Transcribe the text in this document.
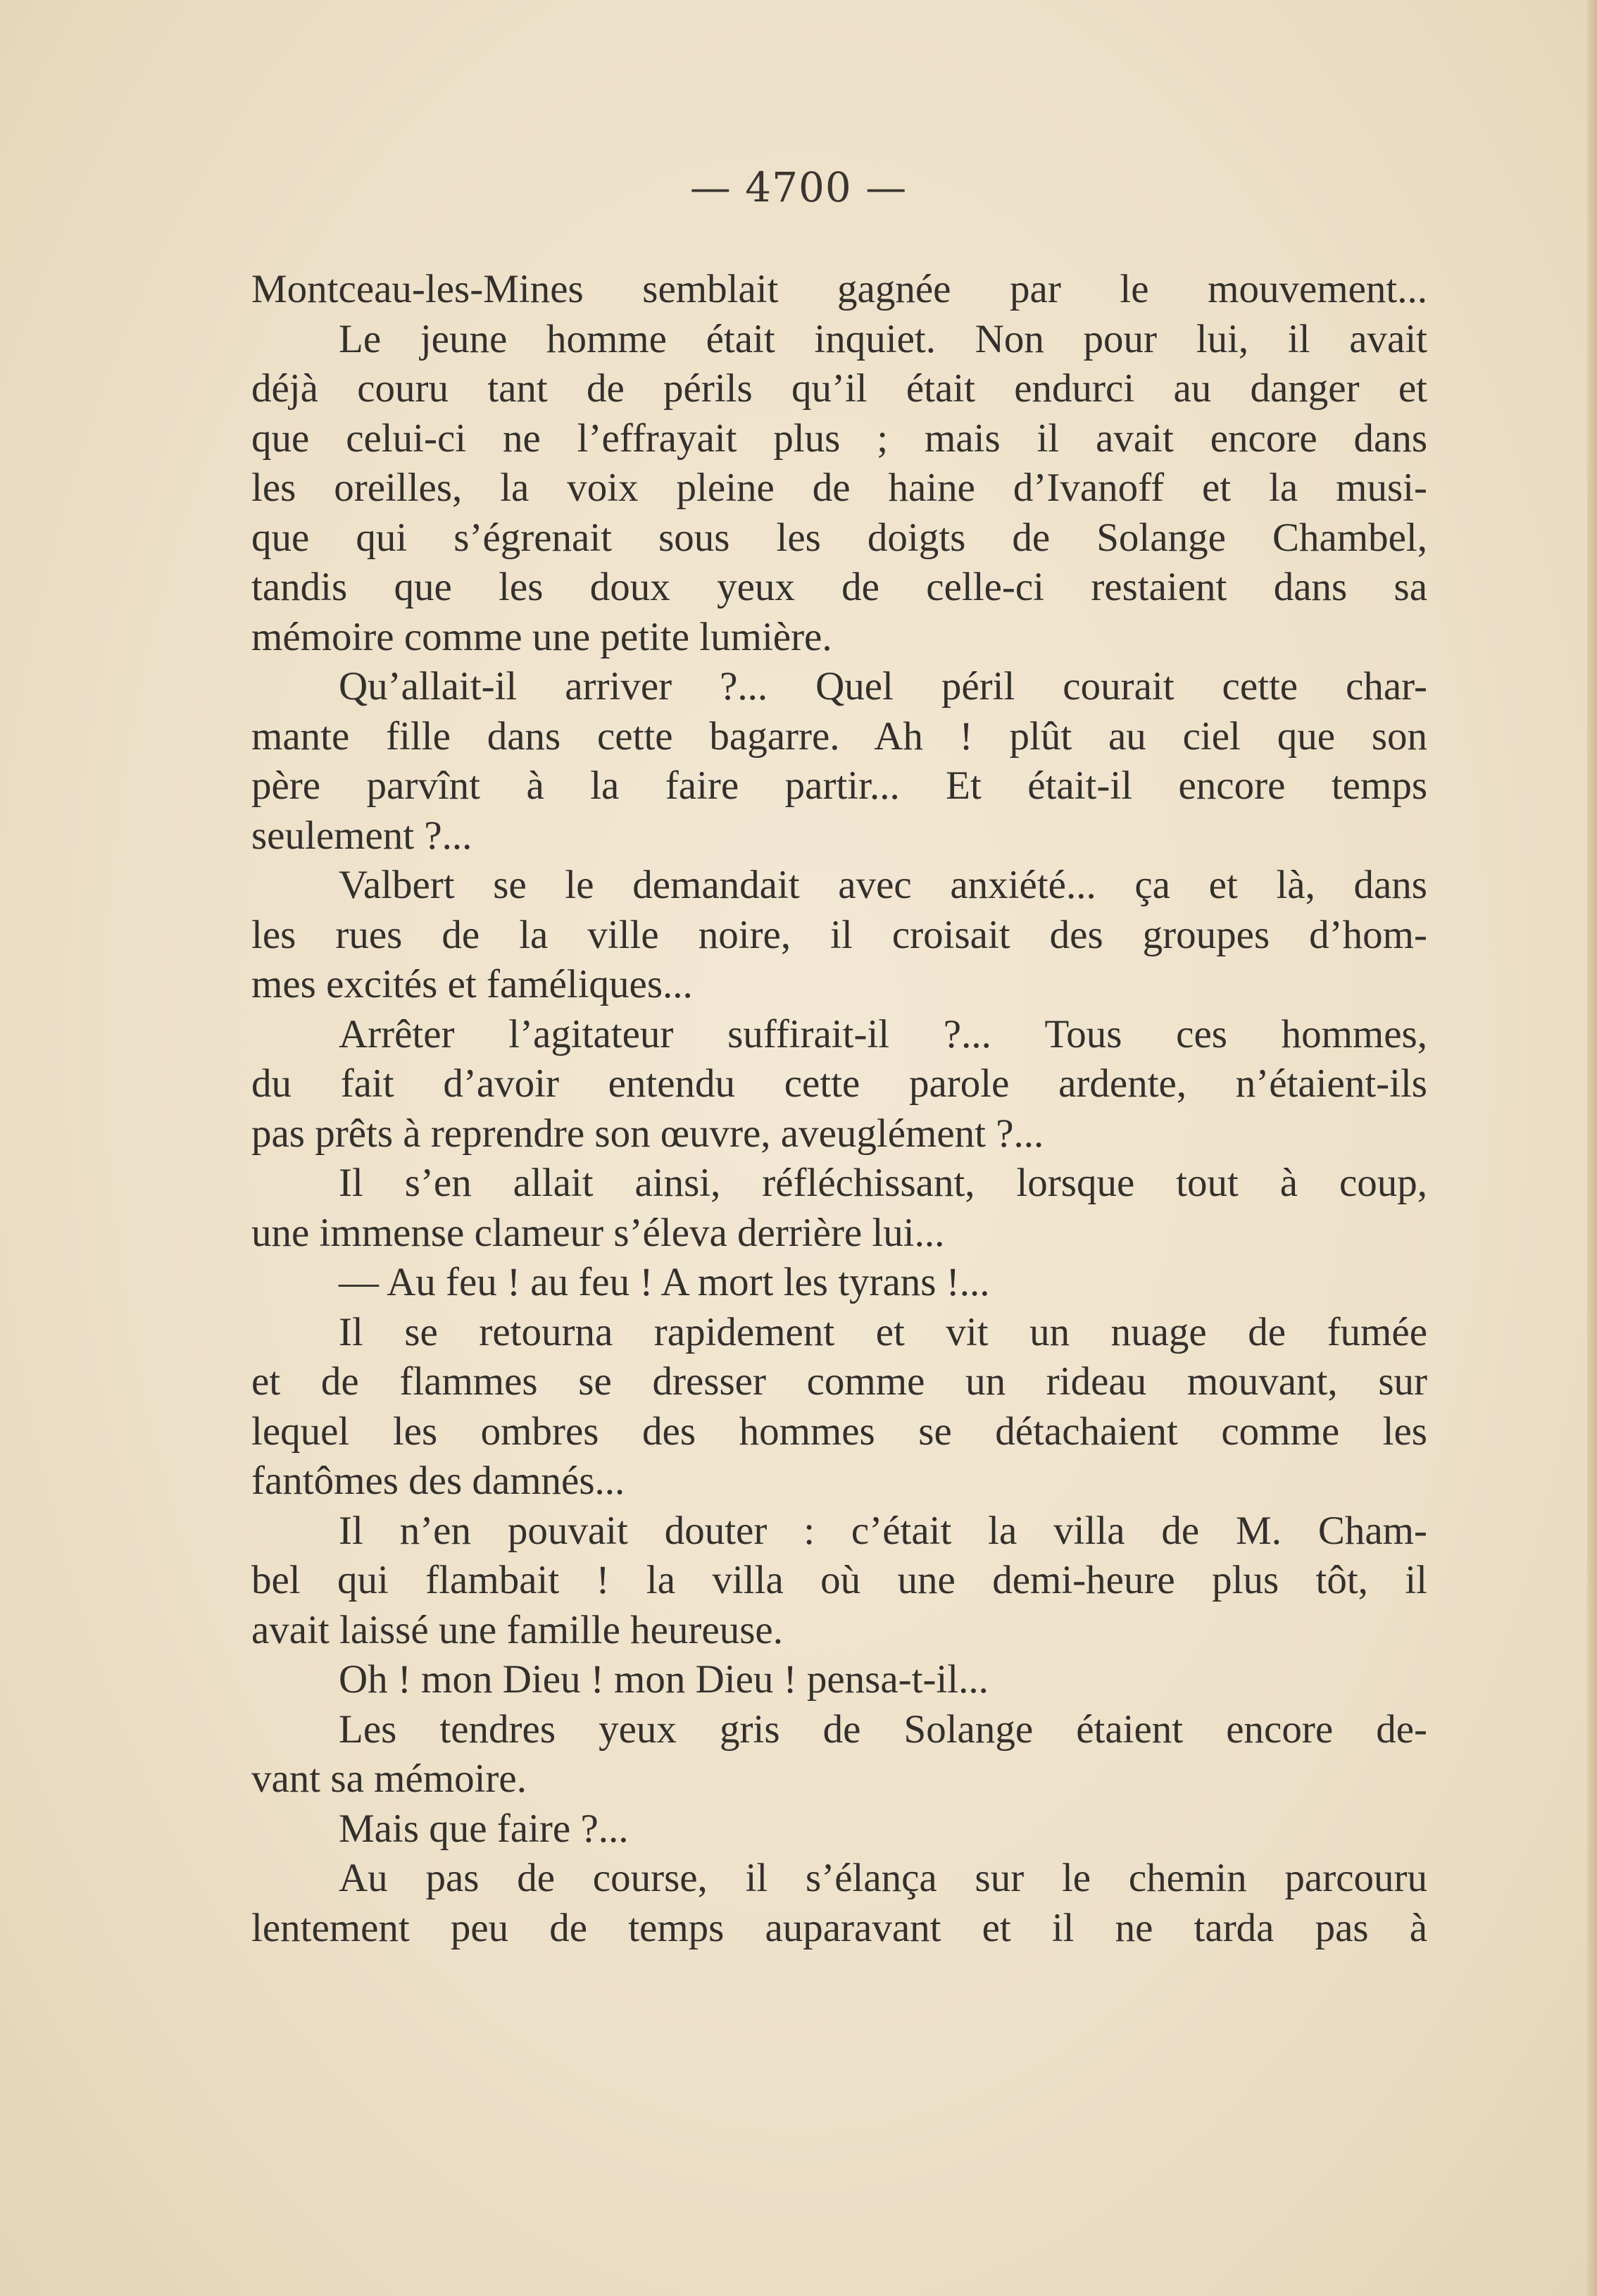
— 4700 —
Montceau-les-Mines semblait gagnée par le mouvement...
Le jeune homme était inquiet. Non pour lui, il avait
déjà couru tant de périls qu’il était endurci au danger et
que celui-ci ne l’effrayait plus ; mais il avait encore dans
les oreilles, la voix pleine de haine d’Ivanoff et la musi-
que qui s’égrenait sous les doigts de Solange Chambel,
tandis que les doux yeux de celle-ci restaient dans sa
mémoire comme une petite lumière.
Qu’allait-il arriver ?... Quel péril courait cette char-
mante fille dans cette bagarre. Ah ! plût au ciel que son
père parvînt à la faire partir... Et était-il encore temps
seulement ?...
Valbert se le demandait avec anxiété... ça et là, dans
les rues de la ville noire, il croisait des groupes d’hom-
mes excités et faméliques...
Arrêter l’agitateur suffirait-il ?... Tous ces hommes,
du fait d’avoir entendu cette parole ardente, n’étaient-ils
pas prêts à reprendre son œuvre, aveuglément ?...
Il s’en allait ainsi, réfléchissant, lorsque tout à coup,
une immense clameur s’éleva derrière lui...
— Au feu ! au feu ! A mort les tyrans !...
Il se retourna rapidement et vit un nuage de fumée
et de flammes se dresser comme un rideau mouvant, sur
lequel les ombres des hommes se détachaient comme les
fantômes des damnés...
Il n’en pouvait douter : c’était la villa de M. Cham-
bel qui flambait ! la villa où une demi-heure plus tôt, il
avait laissé une famille heureuse.
Oh ! mon Dieu ! mon Dieu ! pensa-t-il...
Les tendres yeux gris de Solange étaient encore de-
vant sa mémoire.
Mais que faire ?...
Au pas de course, il s’élança sur le chemin parcouru
lentement peu de temps auparavant et il ne tarda pas à
